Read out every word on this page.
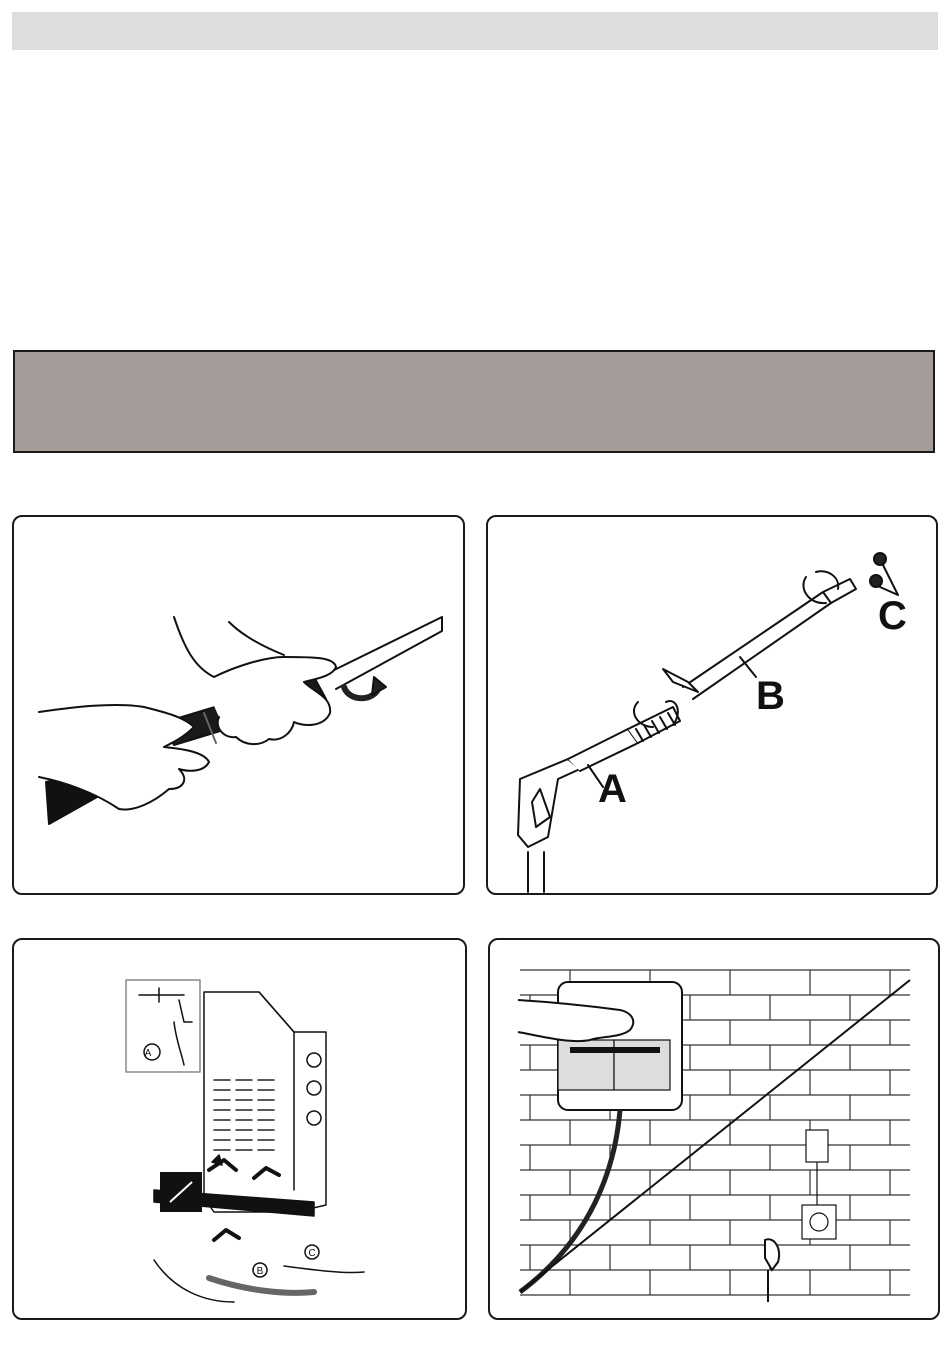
A
B
C
A
B
C
